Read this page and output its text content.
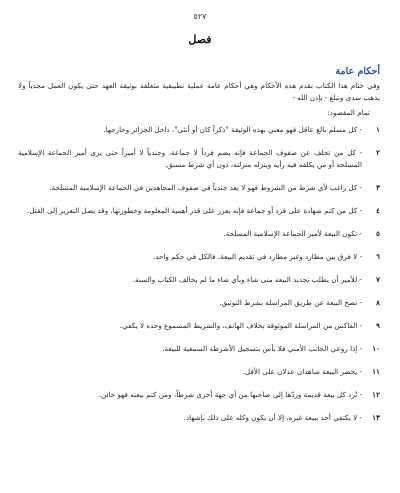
٥٢٧
فصل
أحكام عامة
وفي ختام هذا الكتاب نقدم هذه الأحكام وهي أحكام عامة عملية تطبيقية متعلقة بوثيقة العهد حتى يكون العمل مجدياً ولا يذهب سدى ونبلغ - بإذن الله -
تمام المقصود:
١
- كل مسلم بالغ عاقل فهو معني بهذه الوثيقة "ذكراً كان أو أنثى"، داخل الجزائر وخارجها.
٢
- كل من تخلف عن صفوف الجماعة فإنه يضم فرداً لا جماعة، وجندياً لا أميراً حتى يرى أمير الجماعة الإسلامية المسلحة أو من يكلفه فيه رأيه وينزله منزلته، دون أي شرط مسبق.
٣
- كل راغب لأي شرط من الشروط فهو لا يعد جندياً في صفوف المجاهدين في الجماعة الإسلامية المسلحة.
٤
- كل من كتم شهادة على فرد أو جماعة فإنه يعزر على قدر أهمية المعلومة وخطورتها، وقد يصل التعزير إلى القتل.
٥
- تكون البيعة لأمير الجماعة الإسلامية المسلحة.
٦
- لا فرق بين مطارد وغير مطارد في تقديم البيعة، فالكل في حكم واحد.
٧
- للأمير أن يطلب تجديد البيعة متى شاء وبأي شاء ما لم يخالف الكتاب والسنة.
٨
- تصح البيعة عن طريق المراسلة بشرط التوثيق.
٩
- الفاكس من المراسلة الموثوقة بخلاف الهاتف، والشريط المسموع وحده لا يكفي.
١٠
- إذا روعي الجانب الأمني فلا بأس بتسجيل الأشرطة السمعية للبيعة.
١١
- يحضر البيعة شاهدان عدلان على الأقل.
١٢
- تُرد كل بيعة قديمة وردّها إلى صاحبها من أي جهة أخرى شرطاً، ومن كتم بيعته فهو خائن.
١٣
- لا يكتفي أحد ببيعة غيره، إلا أن يكون وكله على ذلك بإشهاد.
